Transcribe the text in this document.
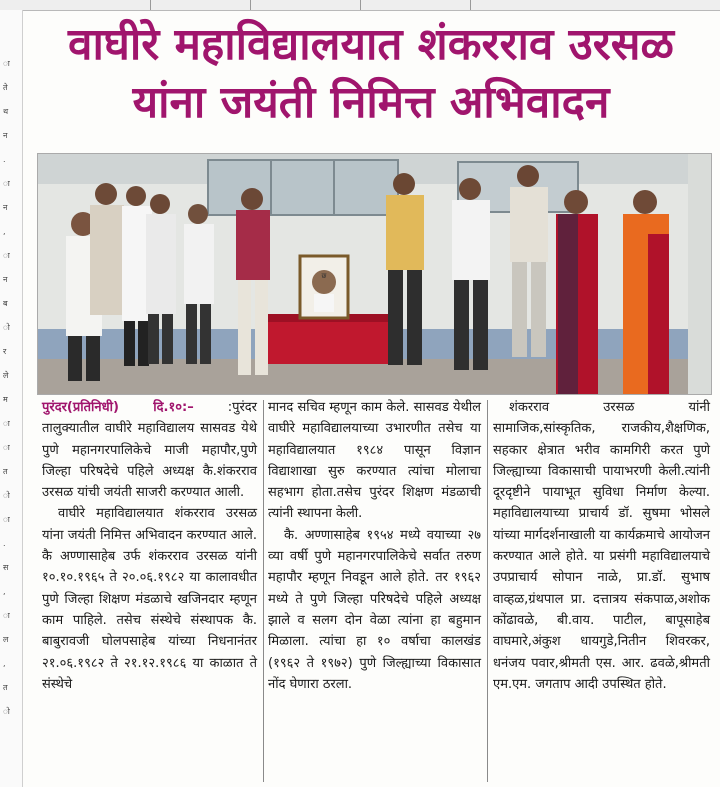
ा
ते
थ
न
.
ा
न
,
ा
न
ब
ो
र
ले
म
ा
ा
त
ो
ा
.
स
,
ा
ल
,
त
ो
वाघीरे महाविद्यालयात शंकरराव उरसळ
यांना जयंती निमित्त अभिवादन
छ

पुरंदर(प्रतिनिधी) दि.१०:–	:पुरंदर तालुक्यातील वाघीरे महाविद्यालय सासवड येथे पुणे महानगरपालिकेचे माजी महापौर,पुणे जिल्हा परिषदेचे पहिले अध्यक्ष कै.शंकरराव उरसळ यांची जयंती साजरी करण्यात आली.

वाघीरे महाविद्यालयात शंकरराव उरसळ यांना जयंती निमित्त अभिवादन करण्यात आले. कै अण्णासाहेब उर्फ शंकरराव उरसळ यांनी १०.१०.१९६५ ते २०.०६.१९८२ या कालावधीत पुणे जिल्हा शिक्षण मंडळाचे खजिनदार म्हणून काम पाहिले. तसेच संस्थेचे संस्थापक कै. बाबुरावजी घोलपसाहेब यांच्या निधनानंतर २१.०६.१९८२ ते २१.१२.१९८६ या काळात ते संस्थेचे

मानद सचिव म्हणून काम केले. सासवड येथील वाघीरे महाविद्यालयाच्या उभारणीत तसेच या महाविद्यालयात १९८४ पासून विज्ञान विद्याशाखा सुरु करण्यात त्यांचा मोलाचा सहभाग होता.तसेच पुरंदर शिक्षण मंडळाची त्यांनी स्थापना केली.

कै. अण्णासाहेब १९५४ मध्ये वयाच्या २७ व्या वर्षी पुणे महानगरपालिकेचे सर्वात तरुण महापौर म्हणून निवडून आले होते. तर १९६२ मध्ये ते पुणे जिल्हा परिषदेचे पहिले अध्यक्ष झाले व सलग दोन वेळा त्यांना हा बहुमान मिळाला. त्यांचा हा १० वर्षाचा कालखंड (१९६२ ते १९७२) पुणे जिल्ह्याच्या विकासात नोंद घेणारा ठरला.

शंकरराव उरसळ यांनी सामाजिक,सांस्कृतिक, राजकीय,शैक्षणिक, सहकार क्षेत्रात भरीव कामगिरी करत पुणे जिल्ह्याच्या विकासाची पायाभरणी केली.त्यांनी दूरदृष्टीने पायाभूत सुविधा निर्माण केल्या. महाविद्यालयाच्या प्राचार्य डॉ. सुषमा भोसले यांच्या मार्गदर्शनाखाली या कार्यक्रमाचे आयोजन करण्यात आले होते. या प्रसंगी महाविद्यालयाचे उपप्राचार्य सोपान नाळे, प्रा.डॉ. सुभाष वाव्हळ,ग्रंथपाल प्रा. दत्तात्रय संकपाळ,अशोक कोंढावळे, बी.वाय. पाटील, बापूसाहेब वाघमारे,अंकुश धायगुडे,नितीन शिवरकर, धनंजय पवार,श्रीमती एस. आर. ढवळे,श्रीमती एम.एम. जगताप आदी उपस्थित होते.
